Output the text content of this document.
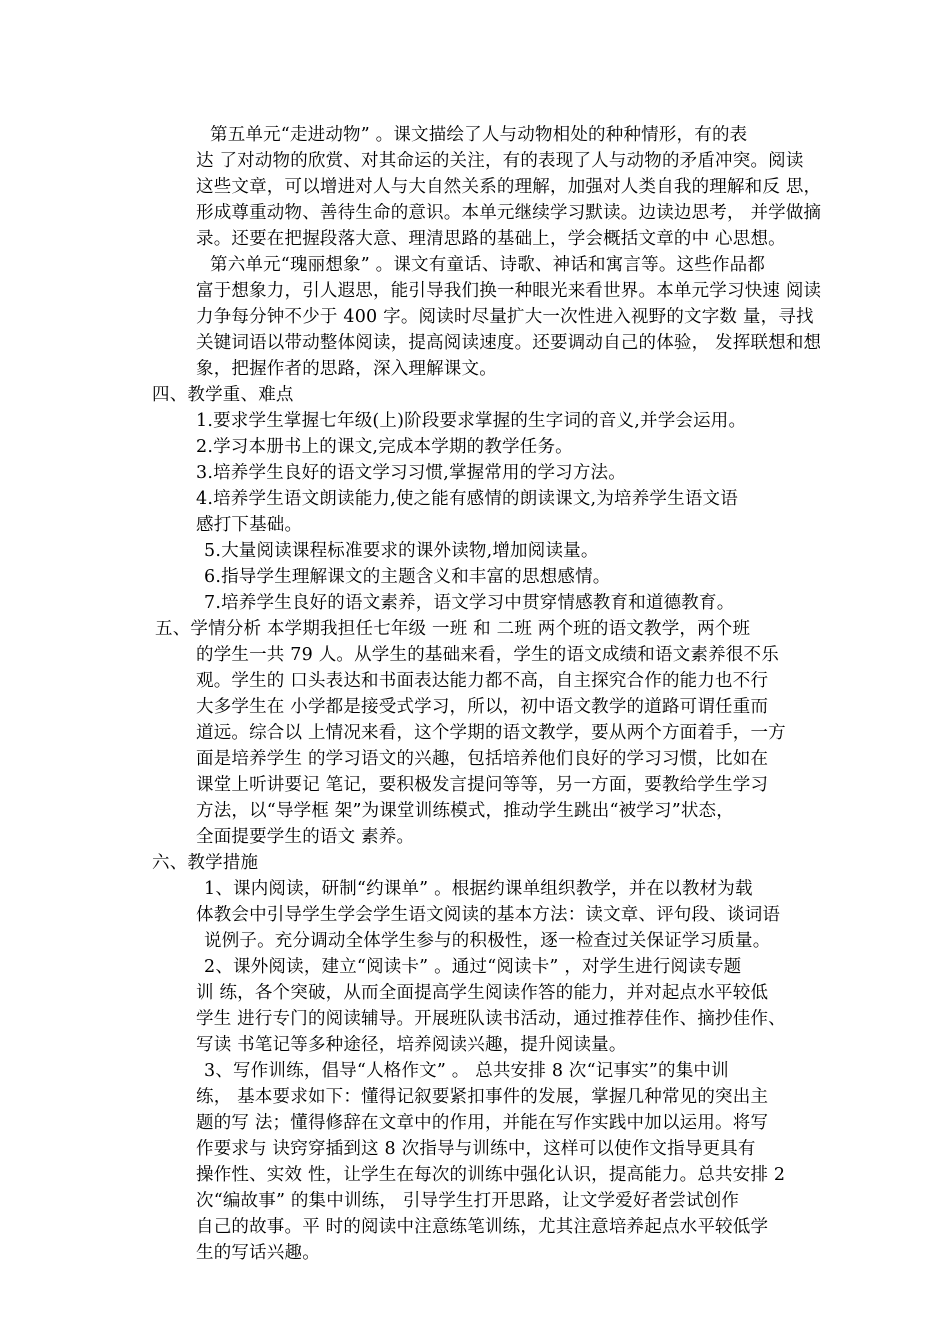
第五单元“走进动物” 。课文描绘了人与动物相处的种种情形，有的表
达 了对动物的欣赏、对其命运的关注，有的表现了人与动物的矛盾冲突。阅读
这些文章，可以增进对人与大自然关系的理解，加强对人类自我的理解和反 思，
形成尊重动物、善待生命的意识。本单元继续学习默读。边读边思考， 并学做摘
录。还要在把握段落大意、理清思路的基础上，学会概括文章的中 心思想。
第六单元“瑰丽想象” 。课文有童话、诗歌、神话和寓言等。这些作品都
富于想象力，引人遐思，能引导我们换一种眼光来看世界。本单元学习快速 阅读
力争每分钟不少于 400 字。阅读时尽量扩大一次性进入视野的文字数 量，寻找
关键词语以带动整体阅读，提高阅读速度。还要调动自己的体验， 发挥联想和想
象，把握作者的思路，深入理解课文。
四、教学重、难点
1.要求学生掌握七年级(上)阶段要求掌握的生字词的音义,并学会运用。
2.学习本册书上的课文,完成本学期的教学任务。
3.培养学生良好的语文学习习惯,掌握常用的学习方法。
4.培养学生语文朗读能力,使之能有感情的朗读课文,为培养学生语文语
感打下基础。
5.大量阅读课程标准要求的课外读物,增加阅读量。
6.指导学生理解课文的主题含义和丰富的思想感情。
7.培养学生良好的语文素养，语文学习中贯穿情感教育和道德教育。
五、学情分析 本学期我担任七年级 一班 和 二班 两个班的语文教学，两个班
的学生一共 79 人。从学生的基础来看，学生的语文成绩和语文素养很不乐
观。学生的 口头表达和书面表达能力都不高，自主探究合作的能力也不行
大多学生在 小学都是接受式学习，所以，初中语文教学的道路可谓任重而
道远。综合以 上情况来看，这个学期的语文教学，要从两个方面着手，一方
面是培养学生 的学习语文的兴趣，包括培养他们良好的学习习惯，比如在
课堂上听讲要记 笔记，要积极发言提问等等，另一方面，要教给学生学习
方法，以“导学框 架”为课堂训练模式，推动学生跳出“被学习”状态，
全面提要学生的语文 素养。
六、教学措施
1、课内阅读，研制“约课单” 。根据约课单组织教学，并在以教材为载
体教会中引导学生学会学生语文阅读的基本方法：读文章、评句段、谈词语
说例子。充分调动全体学生参与的积极性，逐一检查过关保证学习质量。
2、课外阅读，建立“阅读卡” 。通过“阅读卡” ，对学生进行阅读专题
训 练，各个突破，从而全面提高学生阅读作答的能力，并对起点水平较低
学生 进行专门的阅读辅导。开展班队读书活动，通过推荐佳作、摘抄佳作、
写读 书笔记等多种途径，培养阅读兴趣，提升阅读量。
3、写作训练，倡导“人格作文” 。 总共安排 8 次“记事实”的集中训
练， 基本要求如下：懂得记叙要紧扣事件的发展，掌握几种常见的突出主
题的写 法；懂得修辞在文章中的作用，并能在写作实践中加以运用。将写
作要求与 诀窍穿插到这 8 次指导与训练中，这样可以使作文指导更具有
操作性、实效 性，让学生在每次的训练中强化认识，提高能力。总共安排 2
次“编故事” 的集中训练， 引导学生打开思路，让文学爱好者尝试创作
自己的故事。平 时的阅读中注意练笔训练，尤其注意培养起点水平较低学
生的写话兴趣。
